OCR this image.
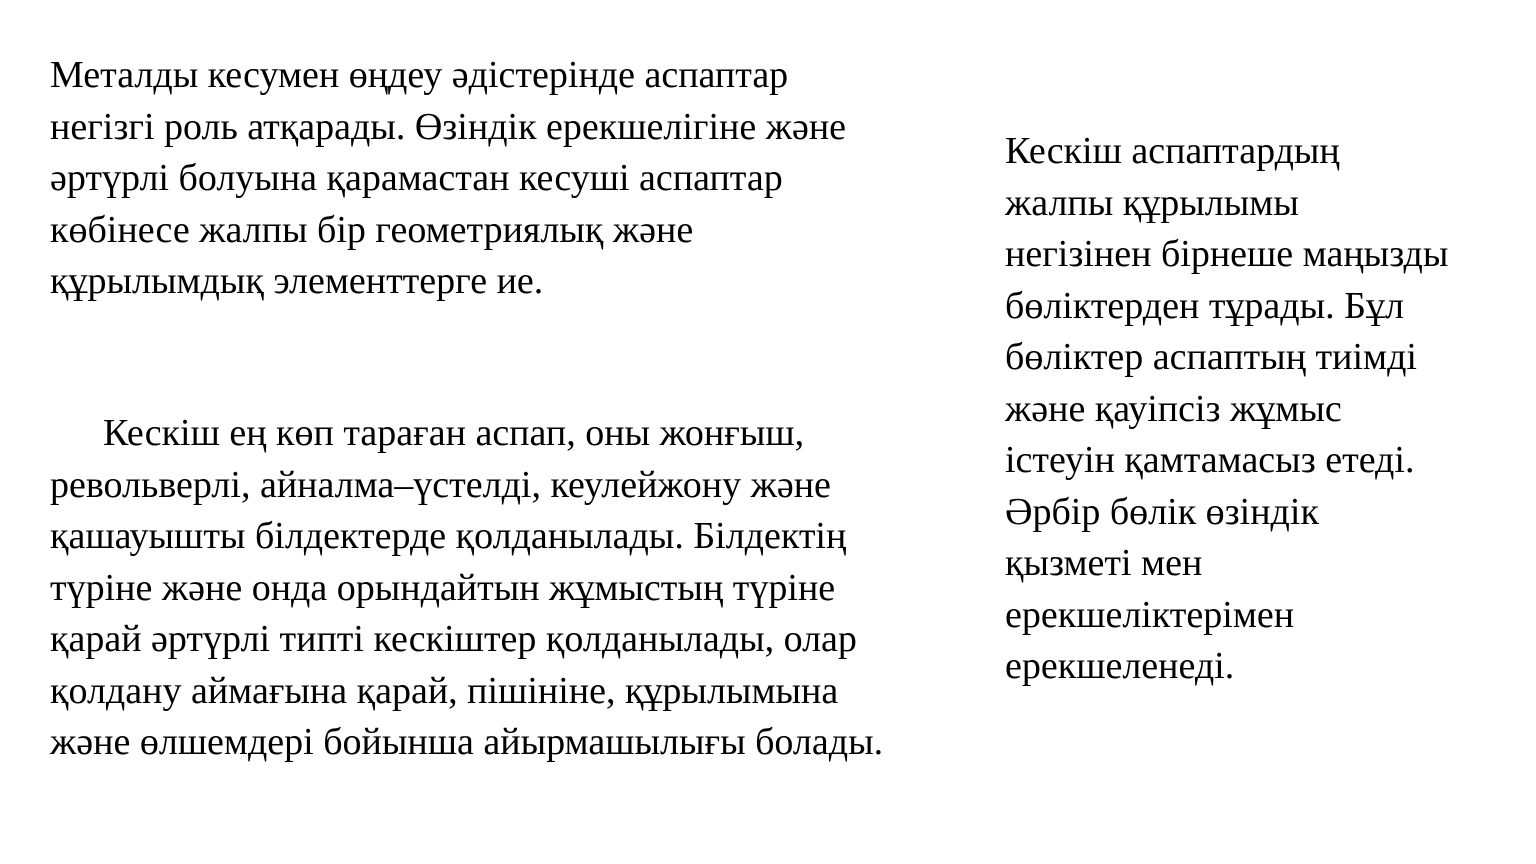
Металды кесумен өңдеу әдістерінде аспаптар
негізгі роль атқарады. Өзіндік ерекшелігіне және
әртүрлі болуына қарамастан кесуші аспаптар
көбінесе жалпы бір геометриялық және
құрылымдық элементтерге ие.

Кескіш ең көп тараған аспап, оны жонғыш,
револьверлі, айналма–үстелді, кеулейжону және
қашауышты білдектерде қолданылады. Білдектің
түріне және онда орындайтын жұмыстың түріне
қарай әртүрлі типті кескіштер қолданылады, олар
қолдану аймағына қарай, пішініне, құрылымына
және өлшемдері бойынша айырмашылығы болады.

Кескіш аспаптардың
жалпы құрылымы
негізінен бірнеше маңызды
бөліктерден тұрады. Бұл
бөліктер аспаптың тиімді
және қауіпсіз жұмыс
істеуін қамтамасыз етеді.
Әрбір бөлік өзіндік
қызметі мен
ерекшеліктерімен
ерекшеленеді.
